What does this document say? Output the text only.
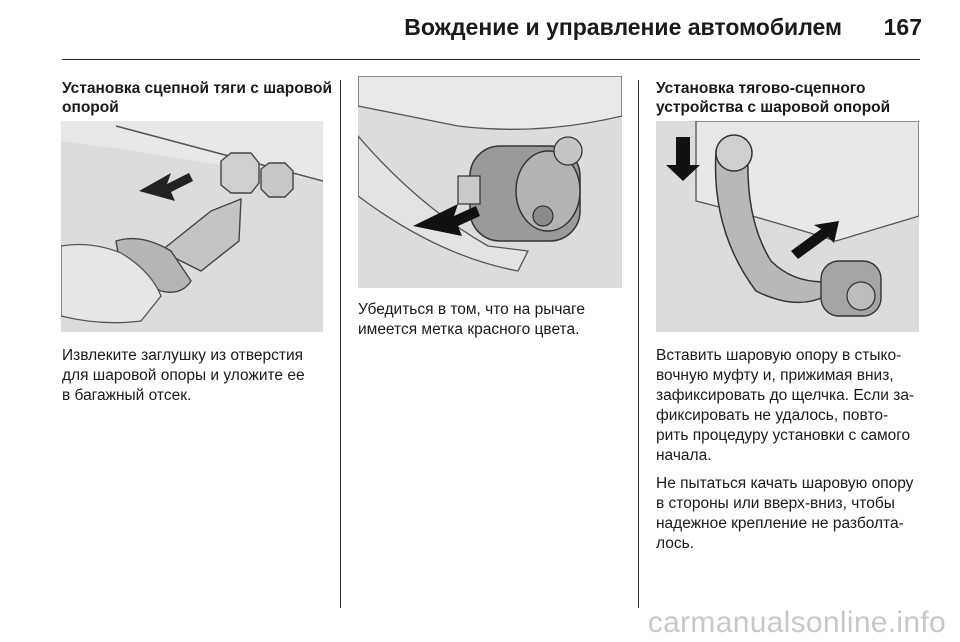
Вождение и управление автомобилем 167

Установка сцепной тяги с шаровой

опорой

Извлеките заглушку из отверстия

для шаровой опоры и уложите ее

в багажный отсек.

Убедиться в том, что на рычаге

имеется метка красного цвета.

Установка тягово-сцепного

устройства с шаровой опорой

Вставить шаровую опору в стыко-

вочную муфту и, прижимая вниз,

зафиксировать до щелчка. Если за-

фиксировать не удалось, повто-

рить процедуру установки с самого

начала.

Не пытаться качать шаровую опору

в стороны или вверх-вниз, чтобы

надежное крепление не разболта-

лось.

carmanualsonline.info
